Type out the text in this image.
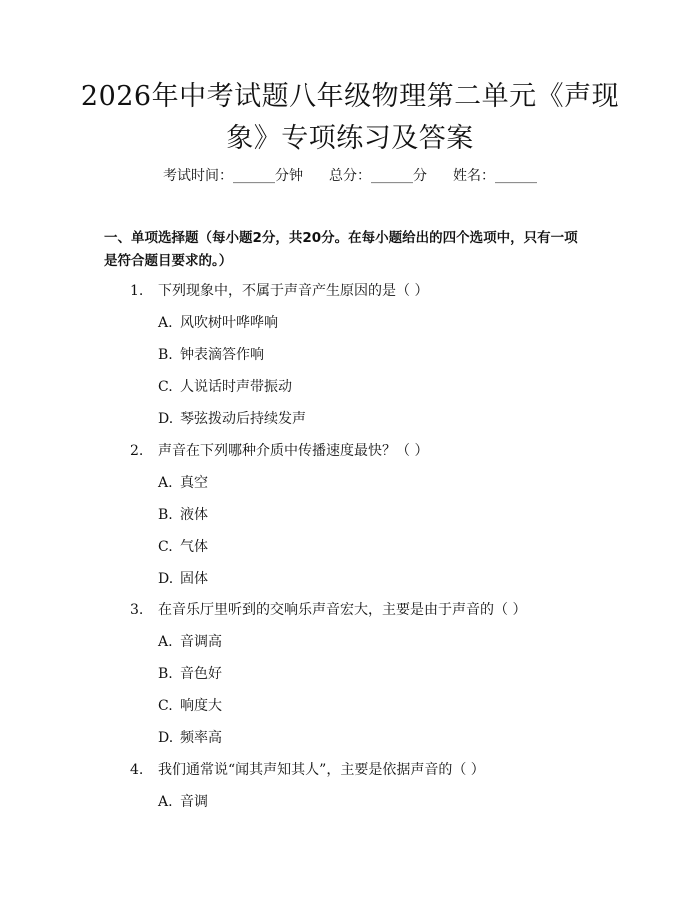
2026年中考试题八年级物理第二单元《声现
象》专项练习及答案
考试时间：______分钟 总分：______分 姓名：______
一、单项选择题（每小题2分，共20分。在每小题给出的四个选项中，只有一项
是符合题目要求的。）
1. 下列现象中，不属于声音产生原因的是（ ）
A. 风吹树叶哗哗响
B. 钟表滴答作响
C. 人说话时声带振动
D. 琴弦拨动后持续发声
2. 声音在下列哪种介质中传播速度最快？（ ）
A. 真空
B. 液体
C. 气体
D. 固体
3. 在音乐厅里听到的交响乐声音宏大，主要是由于声音的（ ）
A. 音调高
B. 音色好
C. 响度大
D. 频率高
4. 我们通常说“闻其声知其人”，主要是依据声音的（ ）
A. 音调
